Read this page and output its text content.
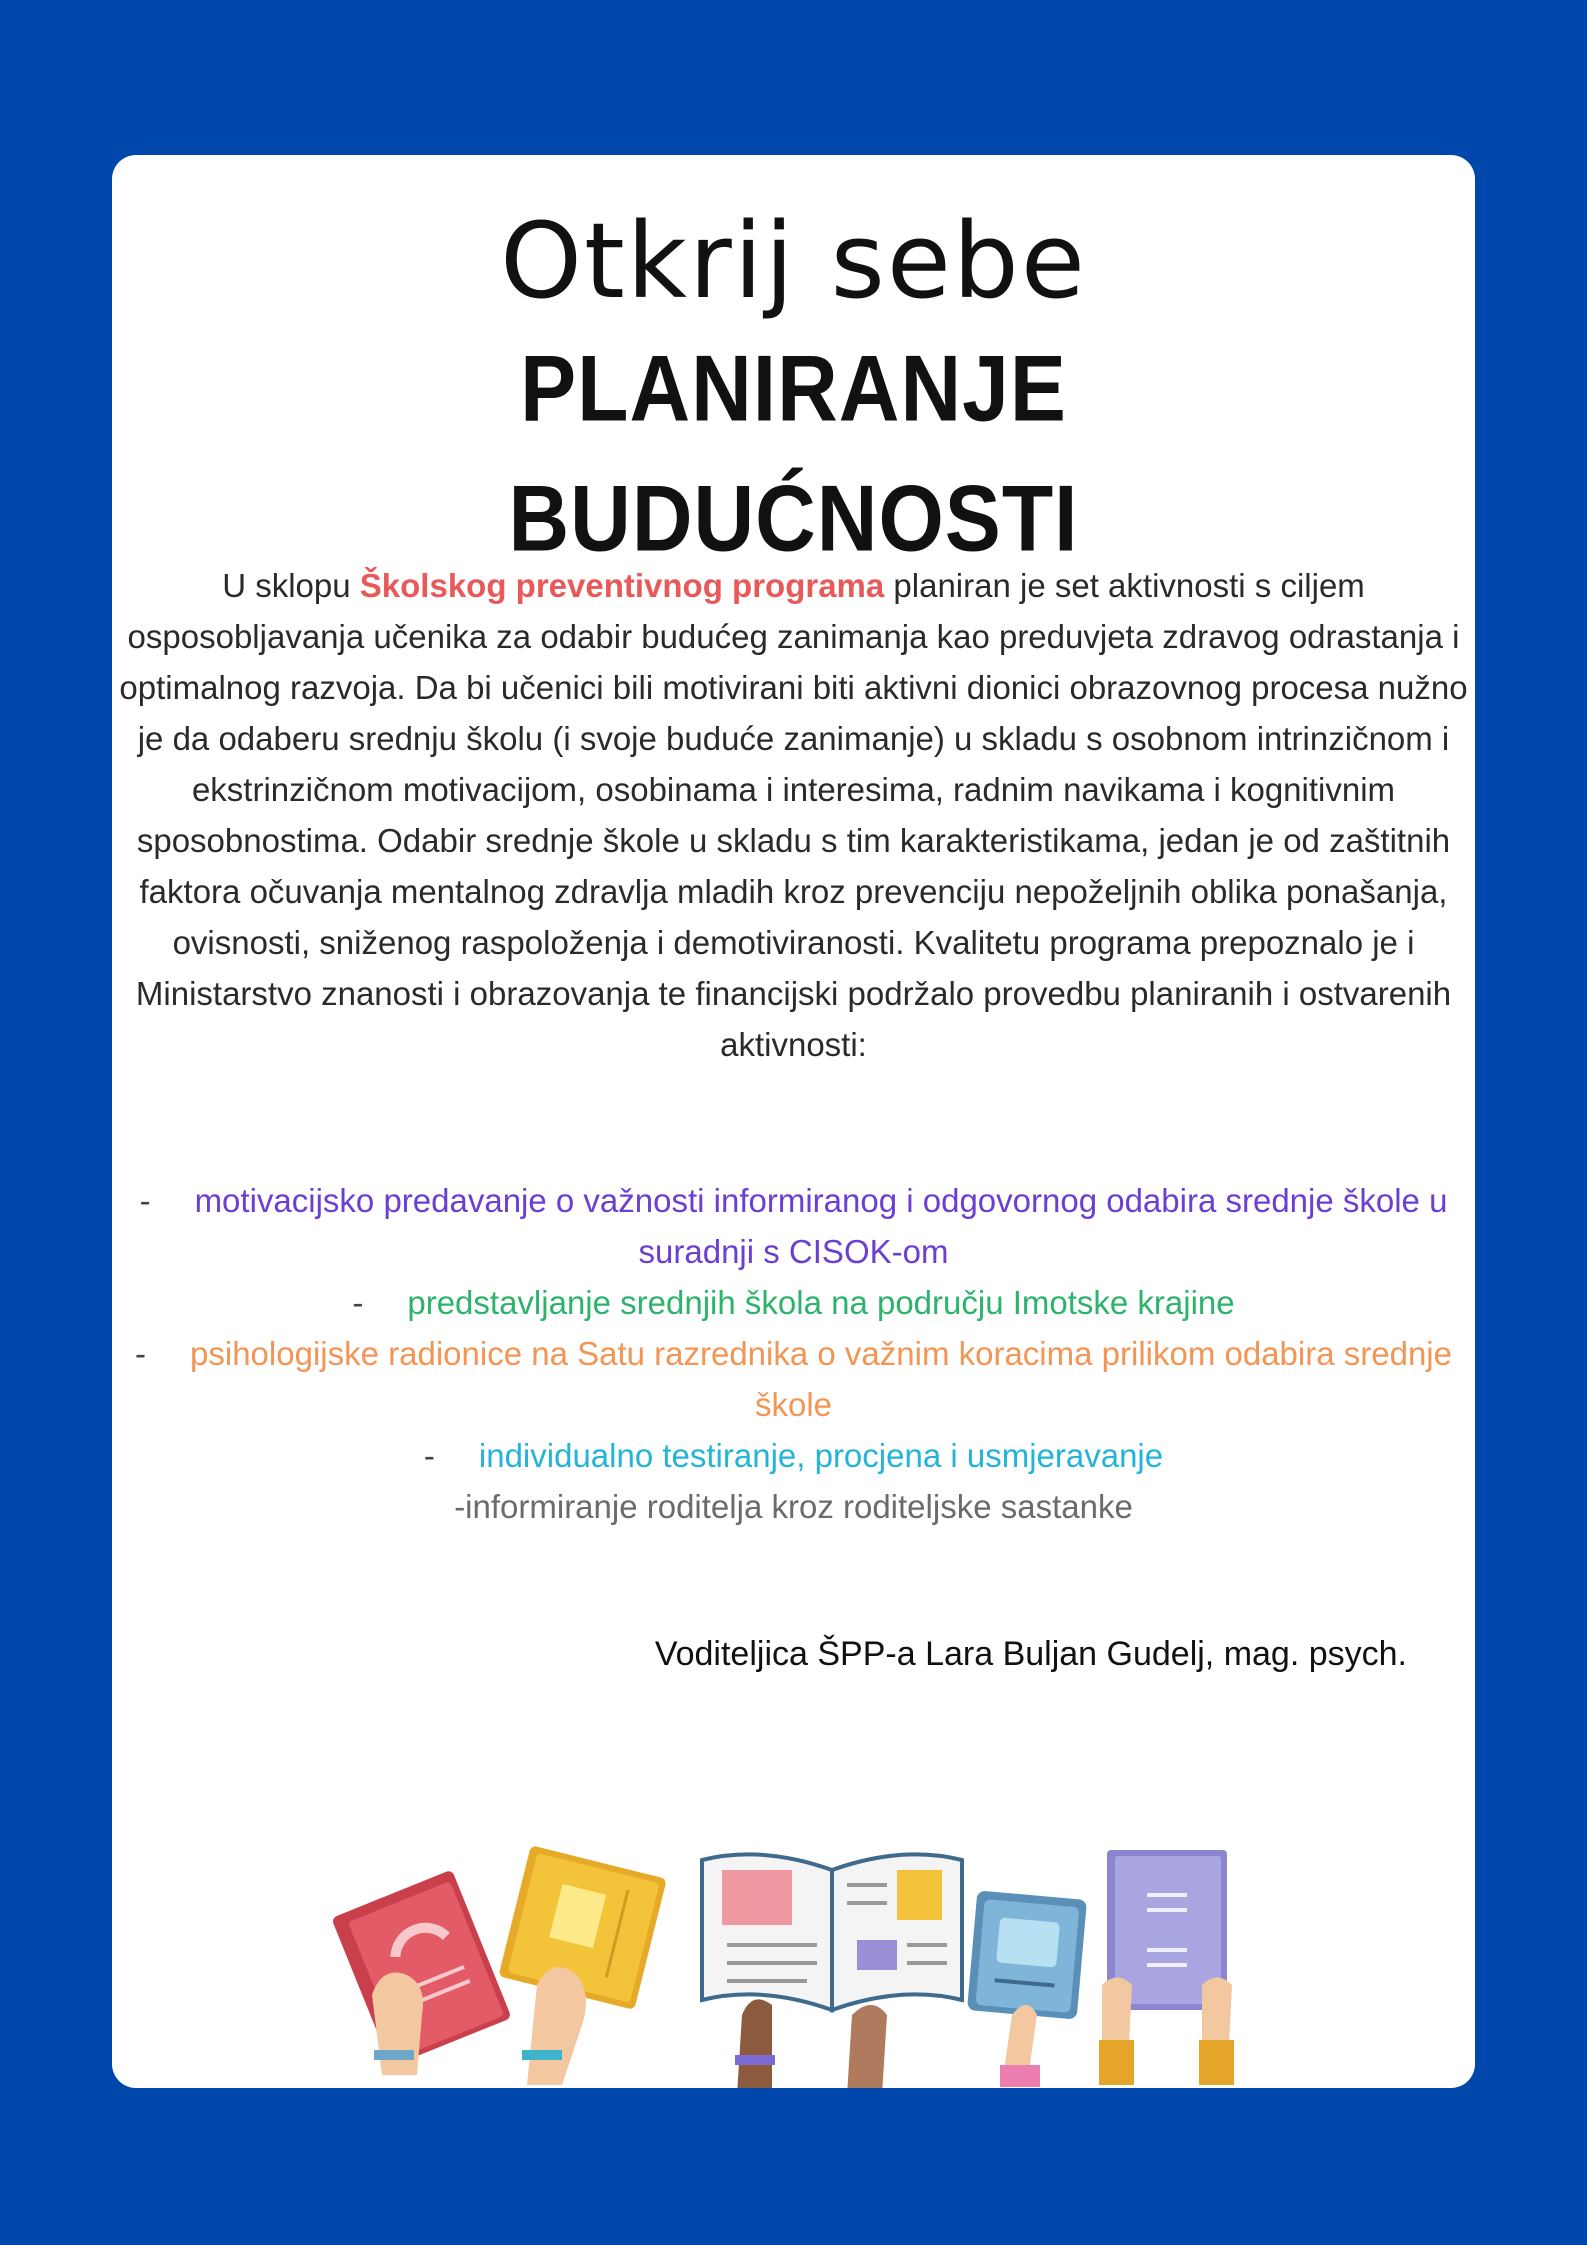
Otkrij sebe
PLANIRANJE
BUDUĆNOSTI
U sklopu Školskog preventivnog programa planiran je set aktivnosti s ciljem osposobljavanja učenika za odabir budućeg zanimanja kao preduvjeta zdravog odrastanja i optimalnog razvoja. Da bi učenici bili motivirani biti aktivni dionici obrazovnog procesa nužno je da odaberu srednju školu (i svoje buduće zanimanje) u skladu s osobnom intrinzičnom i ekstrinzičnom motivacijom, osobinama i interesima, radnim navikama i kognitivnim sposobnostima. Odabir srednje škole u skladu s tim karakteristikama, jedan je od zaštitnih faktora očuvanja mentalnog zdravlja mladih kroz prevenciju nepoželjnih oblika ponašanja, ovisnosti, sniženog raspoloženja i demotiviranosti. Kvalitetu programa prepoznalo je i Ministarstvo znanosti i obrazovanja te financijski podržalo provedbu planiranih i ostvarenih aktivnosti:
- motivacijsko predavanje o važnosti informiranog i odgovornog odabira srednje škole u suradnji s CISOK-om
- predstavljanje srednjih škola na području Imotske krajine
- psihologijske radionice na Satu razrednika o važnim koracima prilikom odabira srednje škole
- individualno testiranje, procjena i usmjeravanje
-informiranje roditelja kroz roditeljske sastanke
Voditeljica ŠPP-a Lara Buljan Gudelj, mag. psych.
